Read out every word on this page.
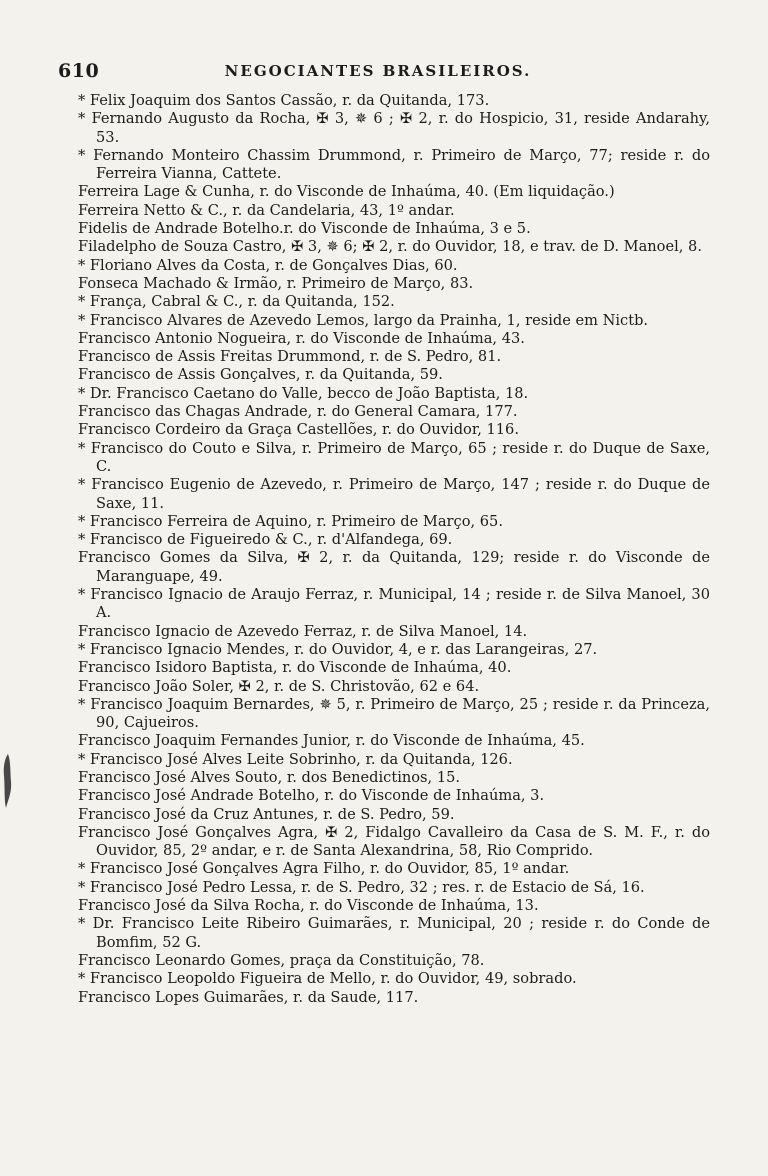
610	NEGOCIANTES BRASILEIROS.
* Felix Joaquim dos Santos Cassão, r. da Quitanda, 173.
* Fernando Augusto da Rocha, ✠ 3, ✵ 6 ; ✠ 2, r. do Hospicio, 31, reside Andarahy, 53.
* Fernando Monteiro Chassim Drummond, r. Primeiro de Março, 77; reside r. do Ferreira Vianna, Cattete.
Ferreira Lage & Cunha, r. do Visconde de Inhaúma, 40. (Em liquidação.)
Ferreira Netto & C., r. da Candelaria, 43, 1º andar.
Fidelis de Andrade Botelho.r. do Visconde de Inhaúma, 3 e 5.
Filadelpho de Souza Castro, ✠ 3, ✵ 6; ✠ 2, r. do Ouvidor, 18, e trav. de D. Manoel, 8.
* Floriano Alves da Costa, r. de Gonçalves Dias, 60.
Fonseca Machado & Irmão, r. Primeiro de Março, 83.
* França, Cabral & C., r. da Quitanda, 152.
* Francisco Alvares de Azevedo Lemos, largo da Prainha, 1, reside em Nictb.
Francisco Antonio Nogueira, r. do Visconde de Inhaúma, 43.
Francisco de Assis Freitas Drummond, r. de S. Pedro, 81.
Francisco de Assis Gonçalves, r. da Quitanda, 59.
* Dr. Francisco Caetano do Valle, becco de João Baptista, 18.
Francisco das Chagas Andrade, r. do General Camara, 177.
Francisco Cordeiro da Graça Castellões, r. do Ouvidor, 116.
* Francisco do Couto e Silva, r. Primeiro de Março, 65 ; reside r. do Duque de Saxe, C.
* Francisco Eugenio de Azevedo, r. Primeiro de Março, 147 ; reside r. do Duque de Saxe, 11.
* Francisco Ferreira de Aquino, r. Primeiro de Março, 65.
* Francisco de Figueiredo & C., r. d'Alfandega, 69.
Francisco Gomes da Silva, ✠ 2, r. da Quitanda, 129; reside r. do Visconde de Maranguape, 49.
* Francisco Ignacio de Araujo Ferraz, r. Municipal, 14 ; reside r. de Silva Manoel, 30 A.
Francisco Ignacio de Azevedo Ferraz, r. de Silva Manoel, 14.
* Francisco Ignacio Mendes, r. do Ouvidor, 4, e r. das Larangeiras, 27.
Francisco Isidoro Baptista, r. do Visconde de Inhaúma, 40.
Francisco João Soler, ✠ 2, r. de S. Christovão, 62 e 64.
* Francisco Joaquim Bernardes, ✵ 5, r. Primeiro de Março, 25 ; reside r. da Princeza, 90, Cajueiros.
Francisco Joaquim Fernandes Junior, r. do Visconde de Inhaúma, 45.
* Francisco José Alves Leite Sobrinho, r. da Quitanda, 126.
Francisco José Alves Souto, r. dos Benedictinos, 15.
Francisco José Andrade Botelho, r. do Visconde de Inhaúma, 3.
Francisco José da Cruz Antunes, r. de S. Pedro, 59.
Francisco José Gonçalves Agra, ✠ 2, Fidalgo Cavalleiro da Casa de S. M. F., r. do Ouvidor, 85, 2º andar, e r. de Santa Alexandrina, 58, Rio Comprido.
* Francisco José Gonçalves Agra Filho, r. do Ouvidor, 85, 1º andar.
* Francisco José Pedro Lessa, r. de S. Pedro, 32 ; res. r. de Estacio de Sá, 16.
Francisco José da Silva Rocha, r. do Visconde de Inhaúma, 13.
* Dr. Francisco Leite Ribeiro Guimarães, r. Municipal, 20 ; reside r. do Conde de Bomfim, 52 G.
Francisco Leonardo Gomes, praça da Constituição, 78.
* Francisco Leopoldo Figueira de Mello, r. do Ouvidor, 49, sobrado.
Francisco Lopes Guimarães, r. da Saude, 117.
